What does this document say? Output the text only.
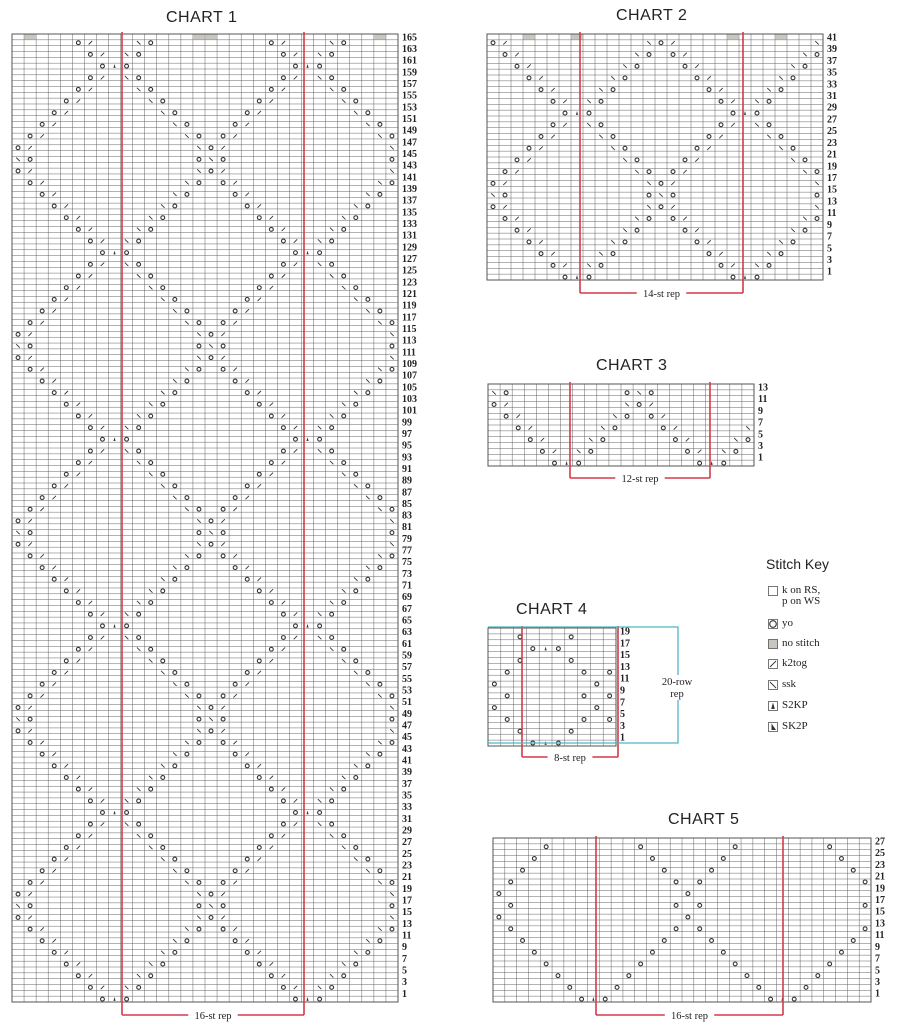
165
163
161
159
157
155
153
151
149
147
145
143
141
139
137
135
133
131
129
127
125
123
121
119
117
115
113
111
109
107
105
103
101
99
97
95
93
91
89
87
85
83
81
79
77
75
73
71
69
67
65
63
61
59
57
55
53
51
49
47
45
43
41
39
37
35
33
31
29
27
25
23
21
19
17
15
13
11
9
7
5
3
1
16-st rep
41
39
37
35
33
31
29
27
25
23
21
19
17
15
13
11
9
7
5
3
1
14-st rep
13
11
9
7
5
3
1
12-st rep
19
17
15
13
11
9
7
5
3
1
8-st rep
27
25
23
21
19
17
15
13
11
9
7
5
3
1
16-st rep
20-row
rep
CHART 1	CHART 2
CHART 3
CHART 4
CHART 5
Stitch Key
k on RS,
p on WS
yo
no stitch
k2tog
ssk
S2KP
SK2P
